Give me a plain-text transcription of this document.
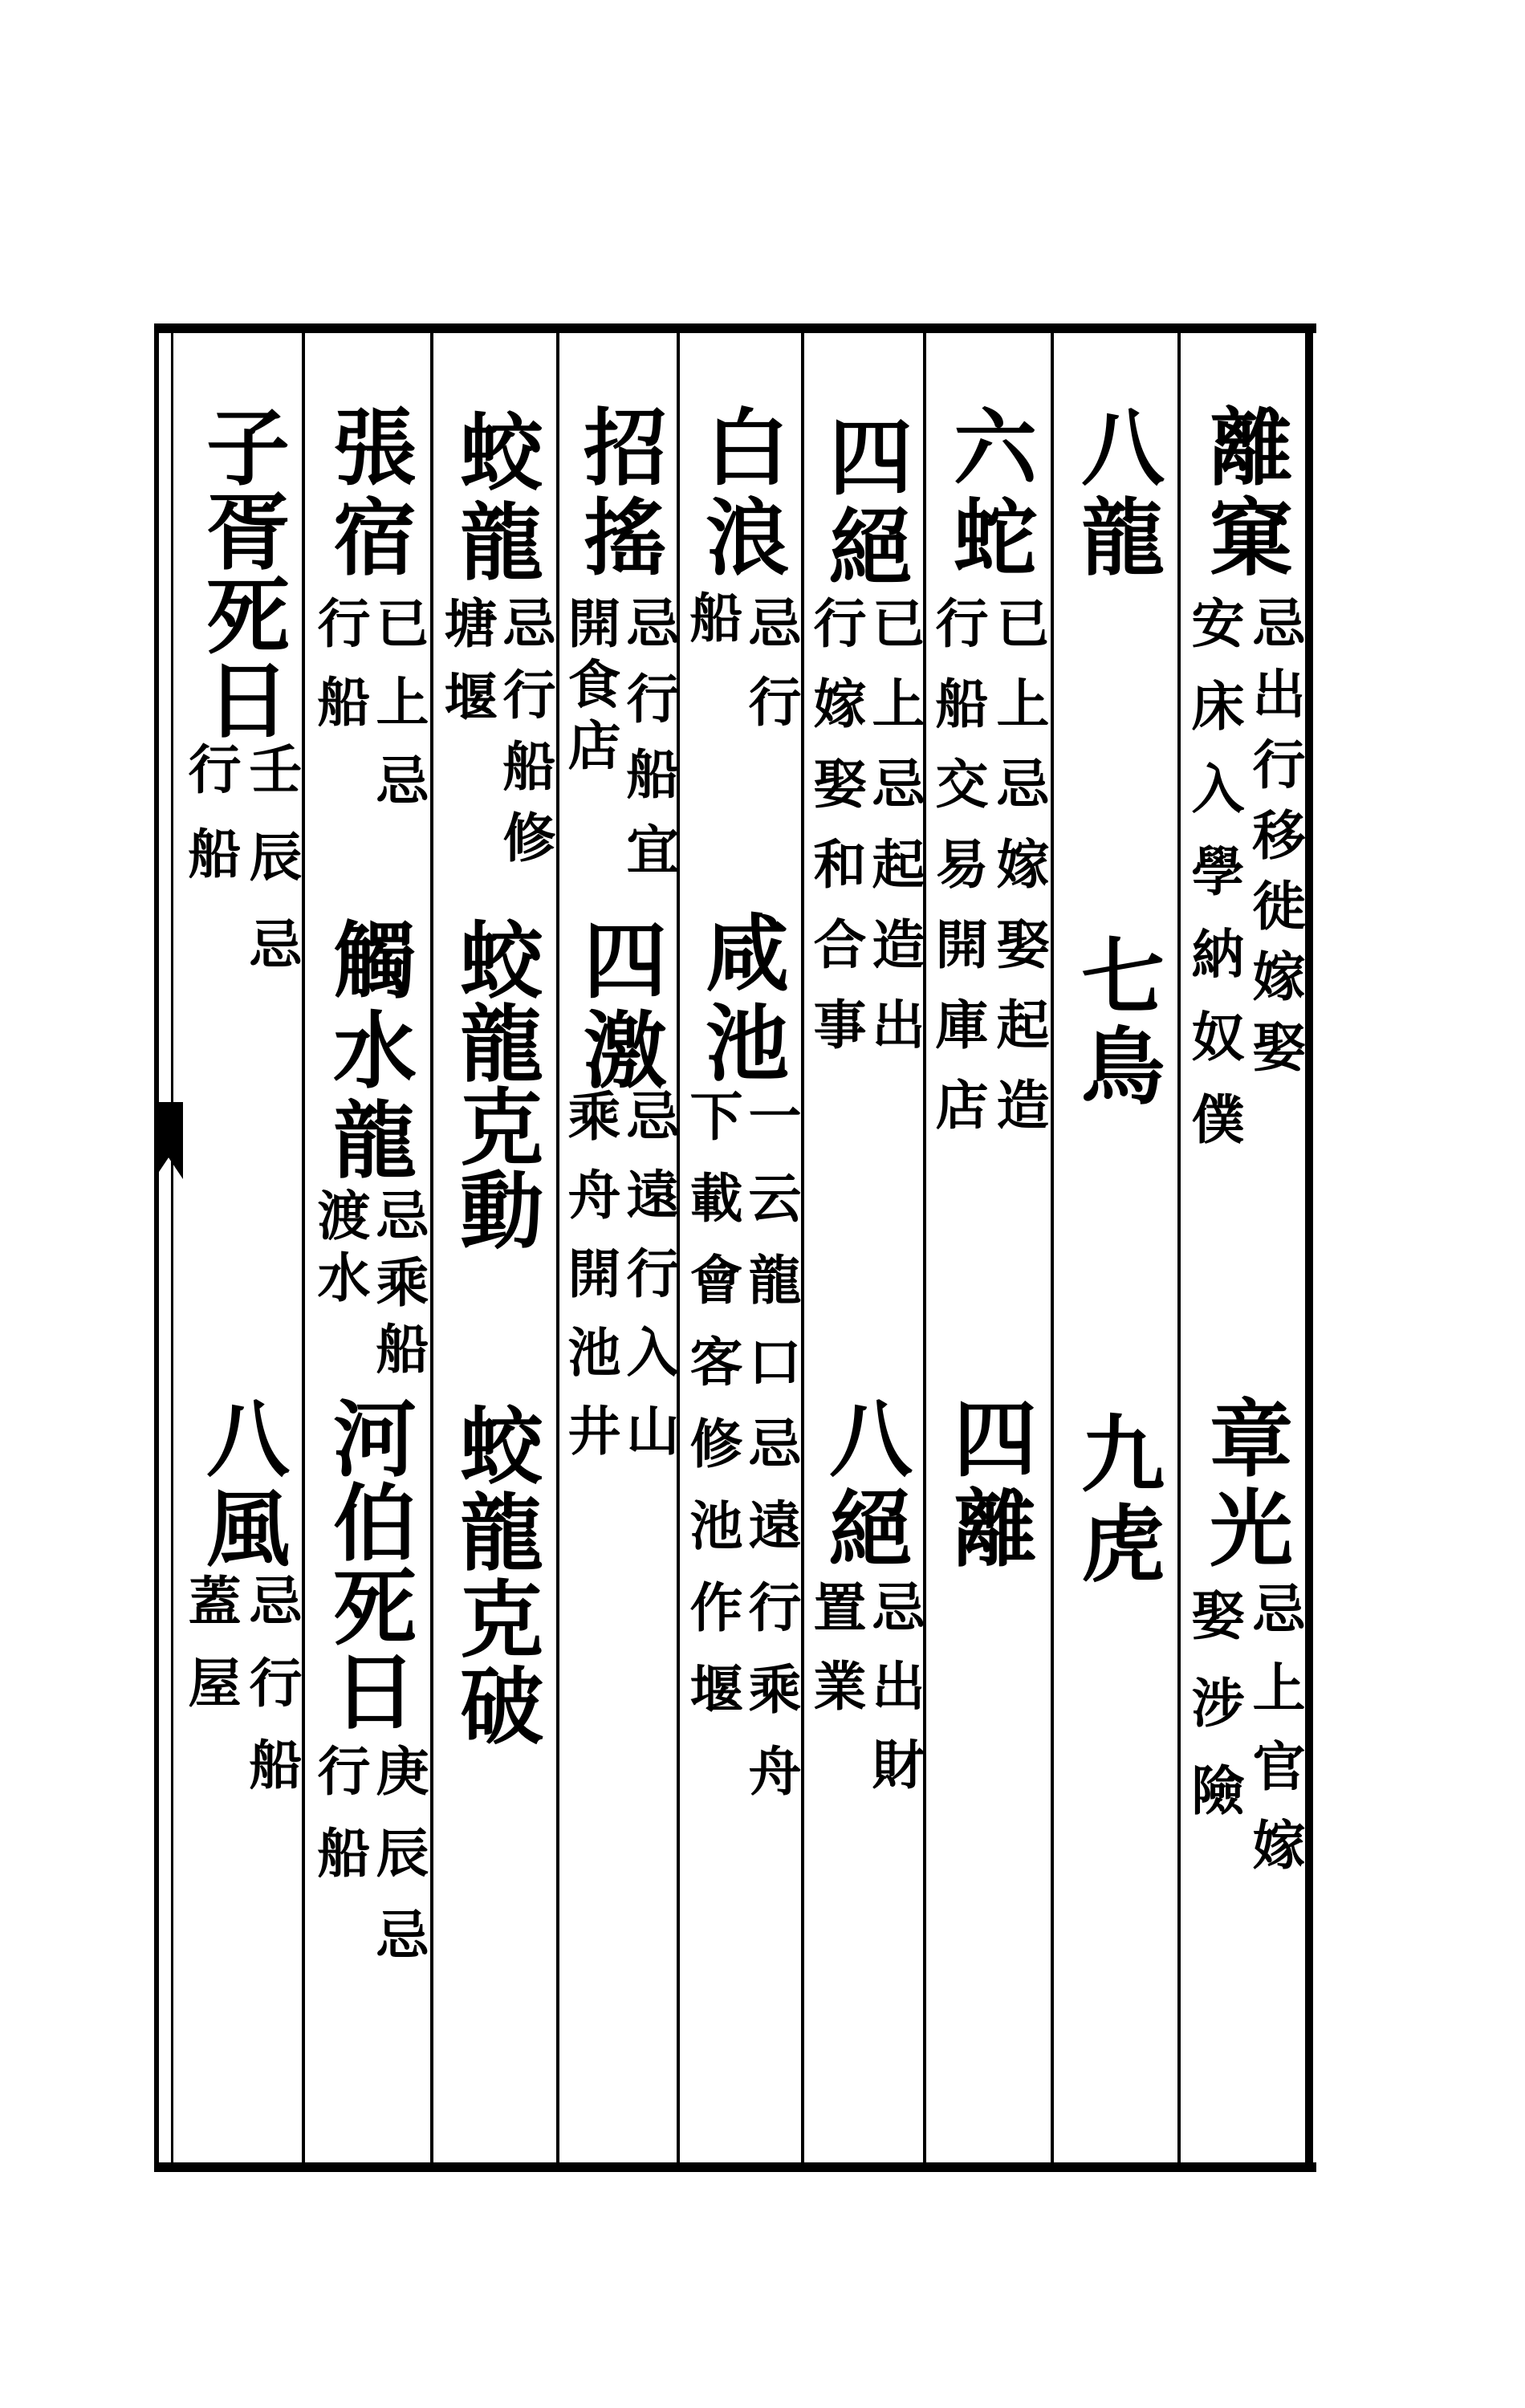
離窠
忌出行移徙嫁娶
安床入學納奴僕
章光
忌上官嫁
娶涉險
八龍
七鳥
九虎
六蛇
已上忌嫁娶起造
行船交易開庫店
四離
四絕
已上忌起造出
行嫁娶和合事
八絕
忌出財
置業
白浪
忌行
船
咸池
一云龍口忌遠行乘舟
下載會客修池作堰
招搖
忌行船宜
開食店
四激
忌遠行入山
乘舟開池井
蛟龍
忌行船修
塘堰
蛟龍克動
蛟龍克破
張宿
已上忌
行船
觸水龍
忌乘船
渡水
河伯死日
庚辰忌
行船
子胥死日
壬辰忌
行船
八風
忌行船
蓋屋
